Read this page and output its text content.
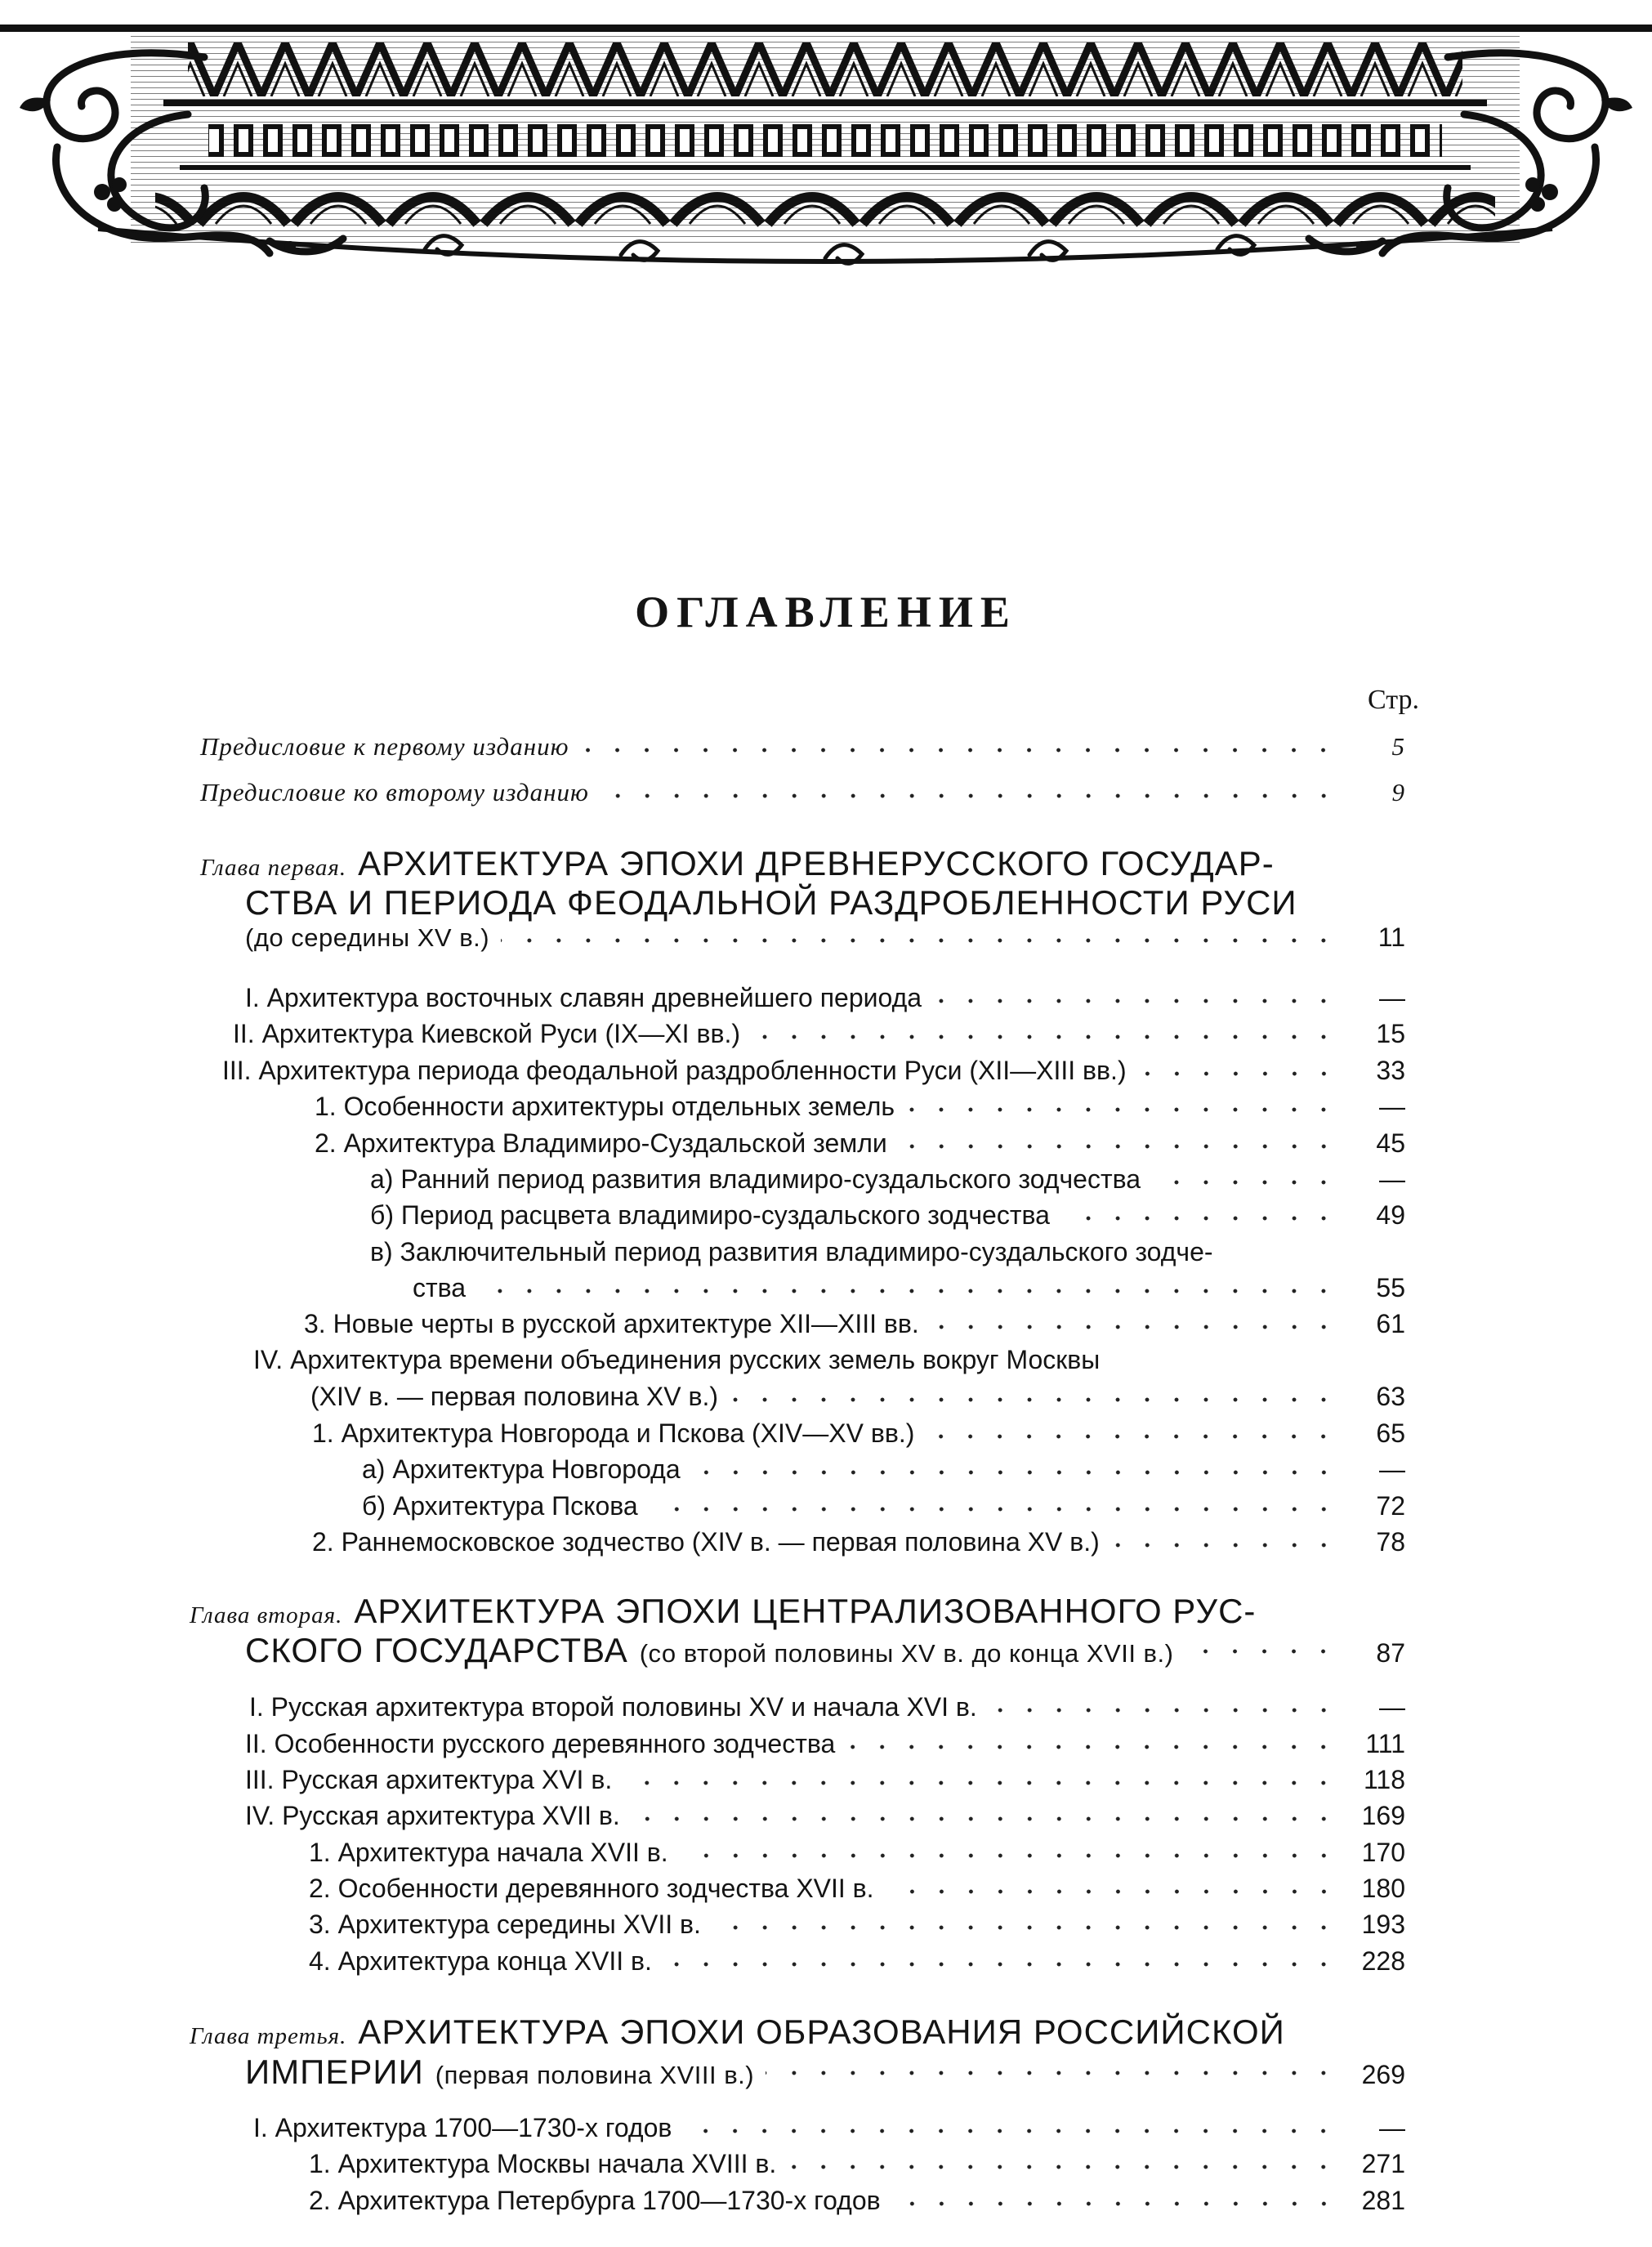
ОГЛАВЛЕНИЕ
Стр.
Предисловие к первому изданию	5
Предисловие ко второму изданию	9
Глава первая. АРХИТЕКТУРА ЭПОХИ ДРЕВНЕРУССКОГО ГОСУДАР-
СТВА И ПЕРИОДА ФЕОДАЛЬНОЙ РАЗДРОБЛЕННОСТИ РУСИ
(до середины XV в.)	11
I. Архитектура восточных славян древнейшего периода	—
II. Архитектура Киевской Руси (IX—XI вв.)	15
III. Архитектура периода феодальной раздробленности Руси (XII—XIII вв.)	33
1. Особенности архитектуры отдельных земель	—
2. Архитектура Владимиро-Суздальской земли	45
а) Ранний период развития владимиро-суздальского зодчества	—
б) Период расцвета владимиро-суздальского зодчества	49
в) Заключительный период развития владимиро-суздальского зодче-
ства	55
3. Новые черты в русской архитектуре XII—XIII вв.	61
IV. Архитектура времени объединения русских земель вокруг Москвы
(XIV в. — первая половина XV в.)	63
1. Архитектура Новгорода и Пскова (XIV—XV вв.)	65
а) Архитектура Новгорода	—
б) Архитектура Пскова	72
2. Раннемосковское зодчество (XIV в. — первая половина XV в.)	78
Глава вторая. АРХИТЕКТУРА ЭПОХИ ЦЕНТРАЛИЗОВАННОГО РУС-
СКОГО ГОСУДАРСТВА (со второй половины XV в. до конца XVII в.)	87
I. Русская архитектура второй половины XV и начала XVI в.	—
II. Особенности русского деревянного зодчества	111
III. Русская архитектура XVI в.	118
IV. Русская архитектура XVII в.	169
1. Архитектура начала XVII в.	170
2. Особенности деревянного зодчества XVII в.	180
3. Архитектура середины XVII в.	193
4. Архитектура конца XVII в.	228
Глава третья. АРХИТЕКТУРА ЭПОХИ ОБРАЗОВАНИЯ РОССИЙСКОЙ
ИМПЕРИИ (первая половина XVIII в.)	269
I. Архитектура 1700—1730-х годов	—
1. Архитектура Москвы начала XVIII в.	271
2. Архитектура Петербурга 1700—1730-х годов	281
